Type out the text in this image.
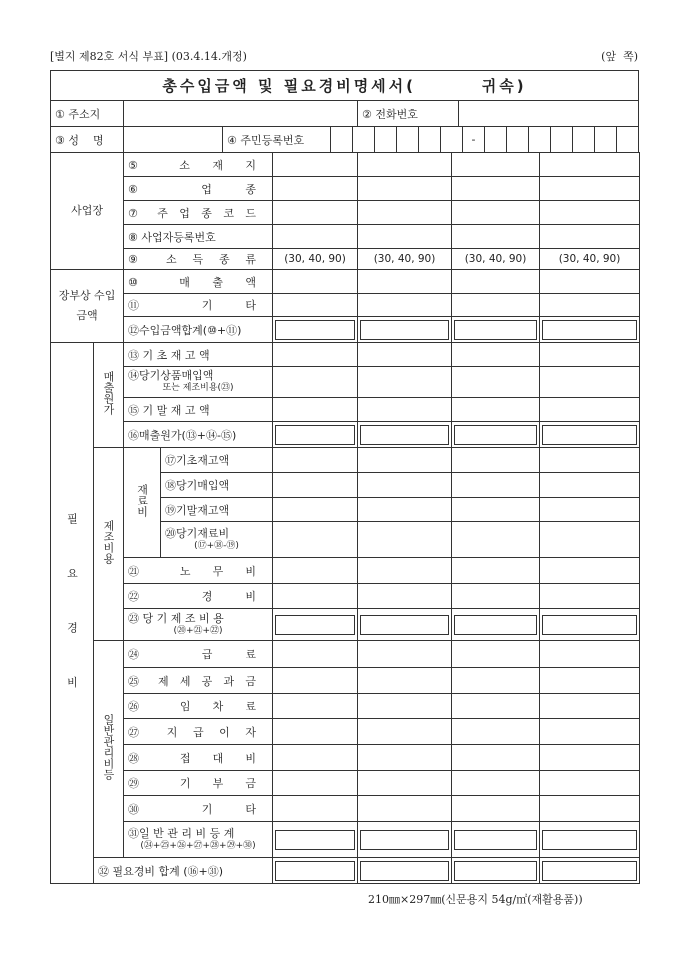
[별지 제82호 서식 부표] (03.4.14.개정)	(앞  쪽)
총수입금액 및 필요경비명세서(        귀속)
① 주소지	② 전화번호
③ 성    명	④ 주민등록번호	-
사업장		⑤ 소 재 지					
		⑥ 업 종					
		⑦ 주 업 종 코 드					
		⑧ 사업자등록번호					
		⑨ 소 득 종 류		(30, 40, 90)	(30, 40, 90)	(30, 40, 90)	(30, 40, 90)
장부상 수입금액		⑩ 매 출 액					
		⑪ 기 타					
		⑫수입금액합계(⑩+⑪)		

필 요 경 비	매출원가	⑬ 기 초 재 고 액					
		⑭당기상품매입액
또는 제조비용(㉓)					

		⑮ 기 말 재 고 액					
		⑯매출원가(⑬+⑭-⑮)		

	제조비용	재료비	⑰기초재고액				
			⑱당기매입액				
			⑲기말재고액				
			⑳당기재료비
(⑰+⑱-⑲)				

		㉑ 노 무 비					
		㉒ 경 비					
		㉓ 당 기 제 조 비 용
(⑳+㉑+㉒)					

	일반관리비등	㉔ 급 료					
		㉕ 제 세 공 과 금					
		㉖ 임 차 료					
		㉗ 지 급 이 자					
		㉘ 접 대 비					
		㉙ 기 부 금					
		㉚ 기 타					
		㉛일 반 관 리 비 등 계
(㉔+㉕+㉖+㉗+㉘+㉙+㉚)					

	㉜ 필요경비 합계 (⑯+㉛)			

210㎜×297㎜(신문용지 54g/㎡(재활용품))
